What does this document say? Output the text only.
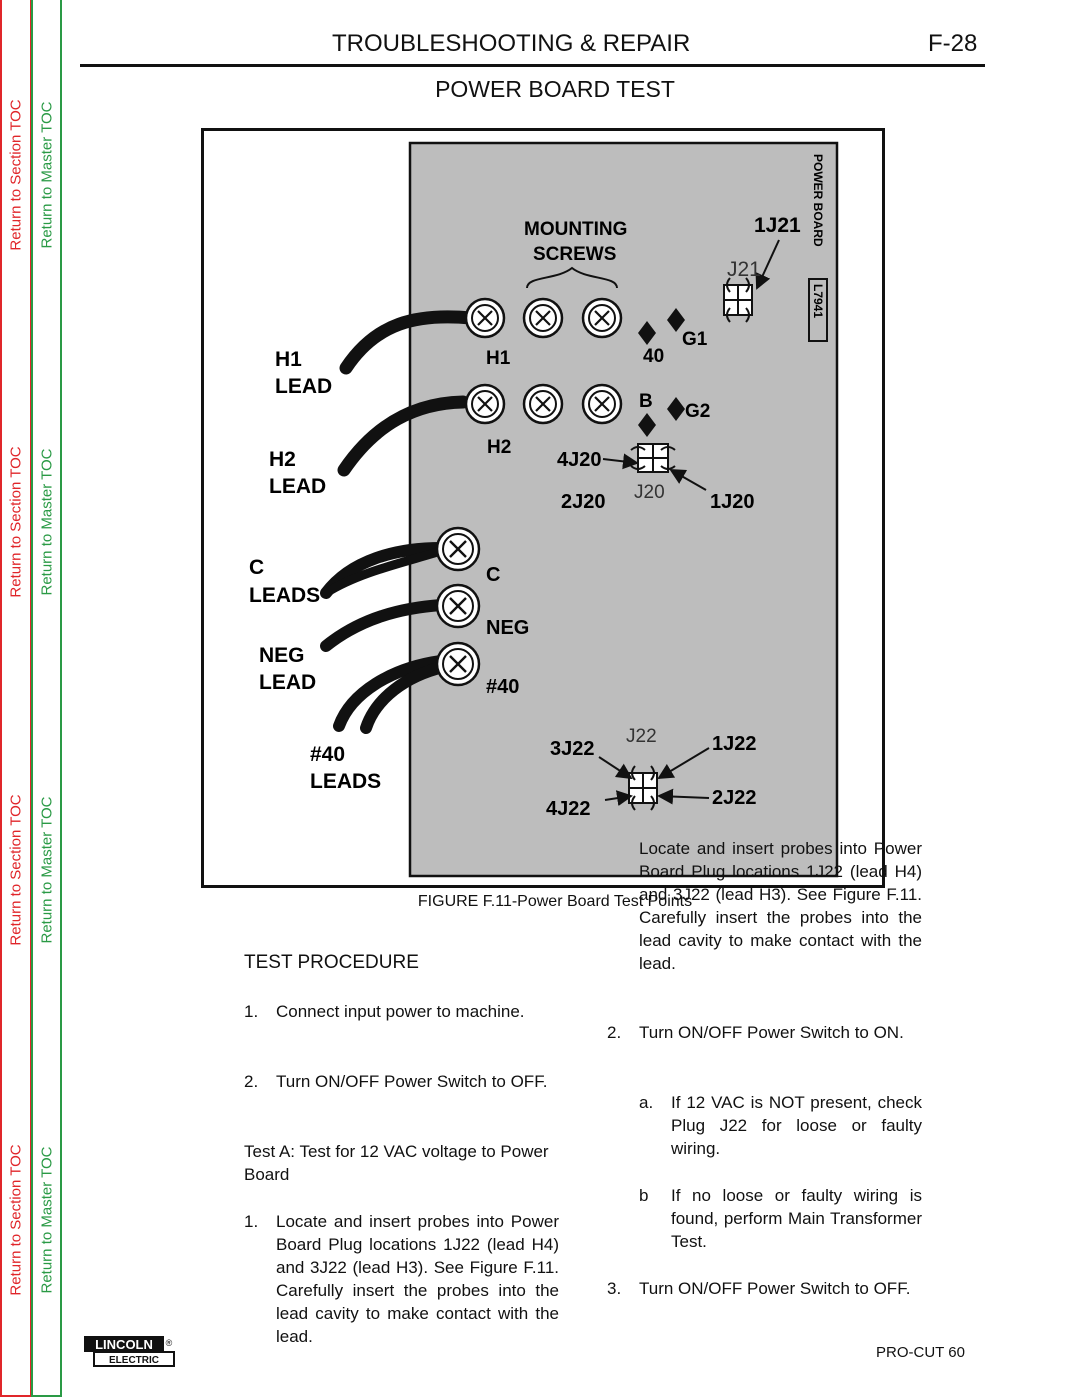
Return to Section TOC
Return to Section TOC
Return to Section TOC
Return to Section TOC
Return to Master TOC
Return to Master TOC
Return to Master TOC
Return to Master TOC
TROUBLESHOOTING & REPAIR	F-28
POWER BOARD TEST
POWER BOARD
L7941
MOUNTING
SCREWS
1J21
J21
G1
40
B G2
H1
H2
4J20
2J20 J20 1J20
C
NEG
#40
3J22
J22	1J22
4J22	2J22
H1
LEAD
H2
LEAD
C
LEADS
NEG
LEAD
#40
LEADS
FIGURE F.11-Power Board Test Points
TEST PROCEDURE
1. Connect input power to machine.
2. Turn ON/OFF Power Switch to OFF.
Test A: Test for 12 VAC voltage to Power Board
1. Locate and insert probes into Power Board Plug locations 1J22 (lead H4) and 3J22 (lead H3). See Figure F.11. Carefully insert the probes into the lead cavity to make contact with the lead.
Locate and insert probes into Power Board Plug locations 1J22 (lead H4) and 3J22 (lead H3). See Figure F.11. Carefully insert the probes into the lead cavity to make contact with the lead.
2. Turn ON/OFF Power Switch to ON.
a. If 12 VAC is NOT present, check Plug J22 for loose or faulty wiring.
b If no loose or faulty wiring is found, perform Main Transformer Test.
3. Turn ON/OFF Power Switch to OFF.
LINCOLN ®
ELECTRIC	PRO-CUT 60
